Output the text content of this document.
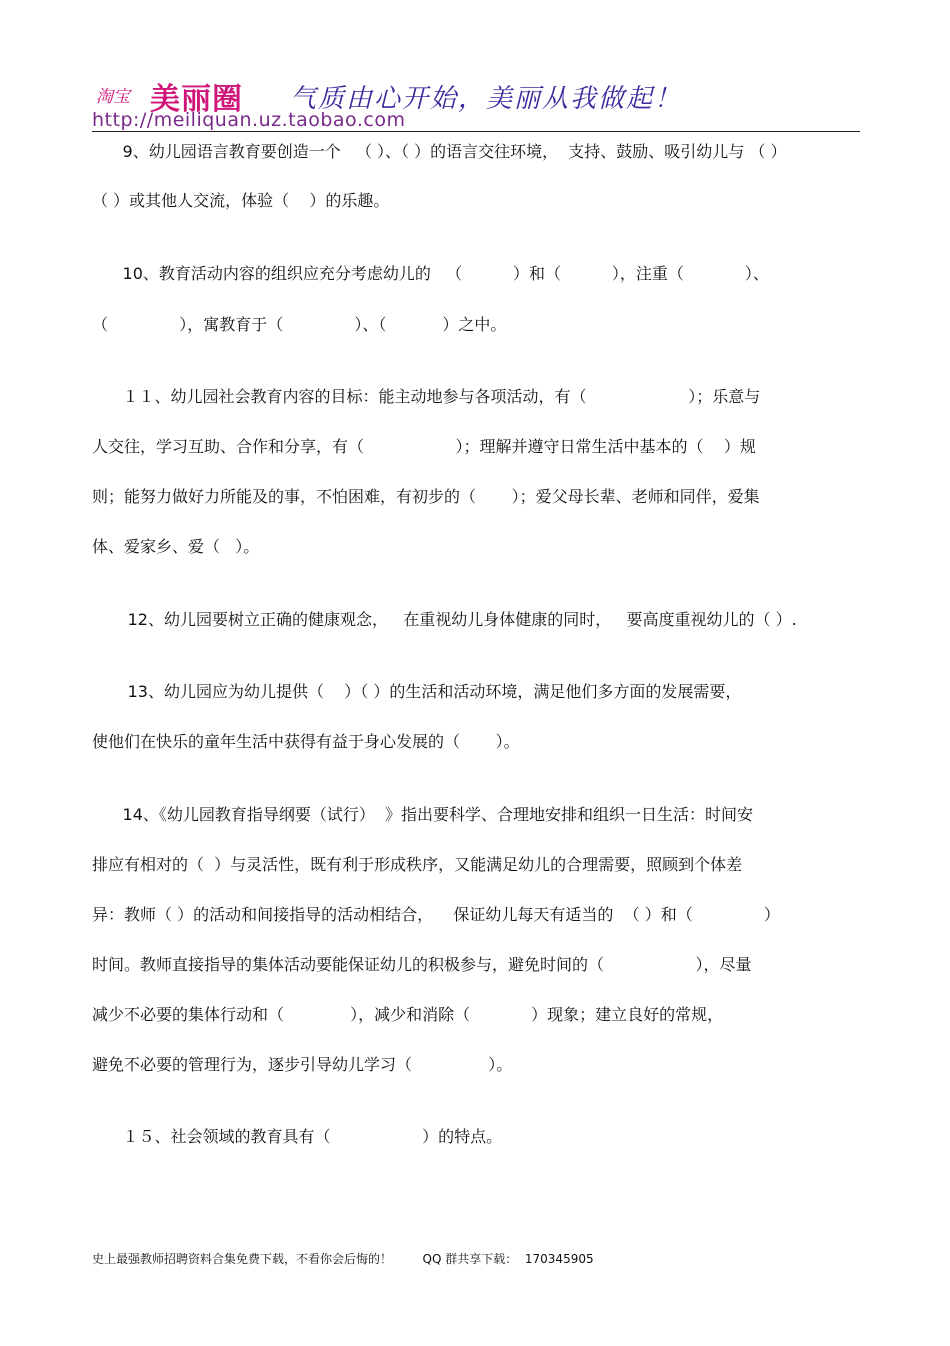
淘宝 美丽圈 气质由心开始，美丽从我做起！
http://meiliquan.uz.taobao.com
9、幼儿园语言教育要创造一个   （ ）、（ ）的语言交往环境，  支持、鼓励、吸引幼儿与 （ ）
（ ）或其他人交流，体验（    ）的乐趣。
10、教育活动内容的组织应充分考虑幼儿的   （          ）和（          ），注重（            ）、
（              ），寓教育于（              ）、（           ）之中。
１１、幼儿园社会教育内容的目标：能主动地参与各项活动，有（                    ）；乐意与
人交往，学习互助、合作和分享，有（                  ）；理解并遵守日常生活中基本的（    ）规
则；能努力做好力所能及的事，不怕困难，有初步的（       ）；爱父母长辈、老师和同伴，爱集
体、爱家乡、爱（   ）。
12、幼儿园要树立正确的健康观念，   在重视幼儿身体健康的同时，   要高度重视幼儿的（ ）.
13、幼儿园应为幼儿提供（    ）（ ）的生活和活动环境，满足他们多方面的发展需要，
使他们在快乐的童年生活中获得有益于身心发展的（       ）。
14、《幼儿园教育指导纲要（试行）  》指出要科学、合理地安排和组织一日生活：时间安
排应有相对的（  ）与灵活性，既有利于形成秩序，又能满足幼儿的合理需要，照顾到个体差
异：教师（ ）的活动和间接指导的活动相结合，    保证幼儿每天有适当的  （ ）和（              ）
时间。教师直接指导的集体活动要能保证幼儿的积极参与，避免时间的（                  ），尽量
减少不必要的集体行动和（             ），减少和消除（            ）现象；建立良好的常规，
避免不必要的管理行为，逐步引导幼儿学习（               ）。
１５、社会领域的教育具有（                  ）的特点。
史上最强教师招聘资料合集免费下载，不看你会后悔的！	QQ 群共享下载： 170345905
